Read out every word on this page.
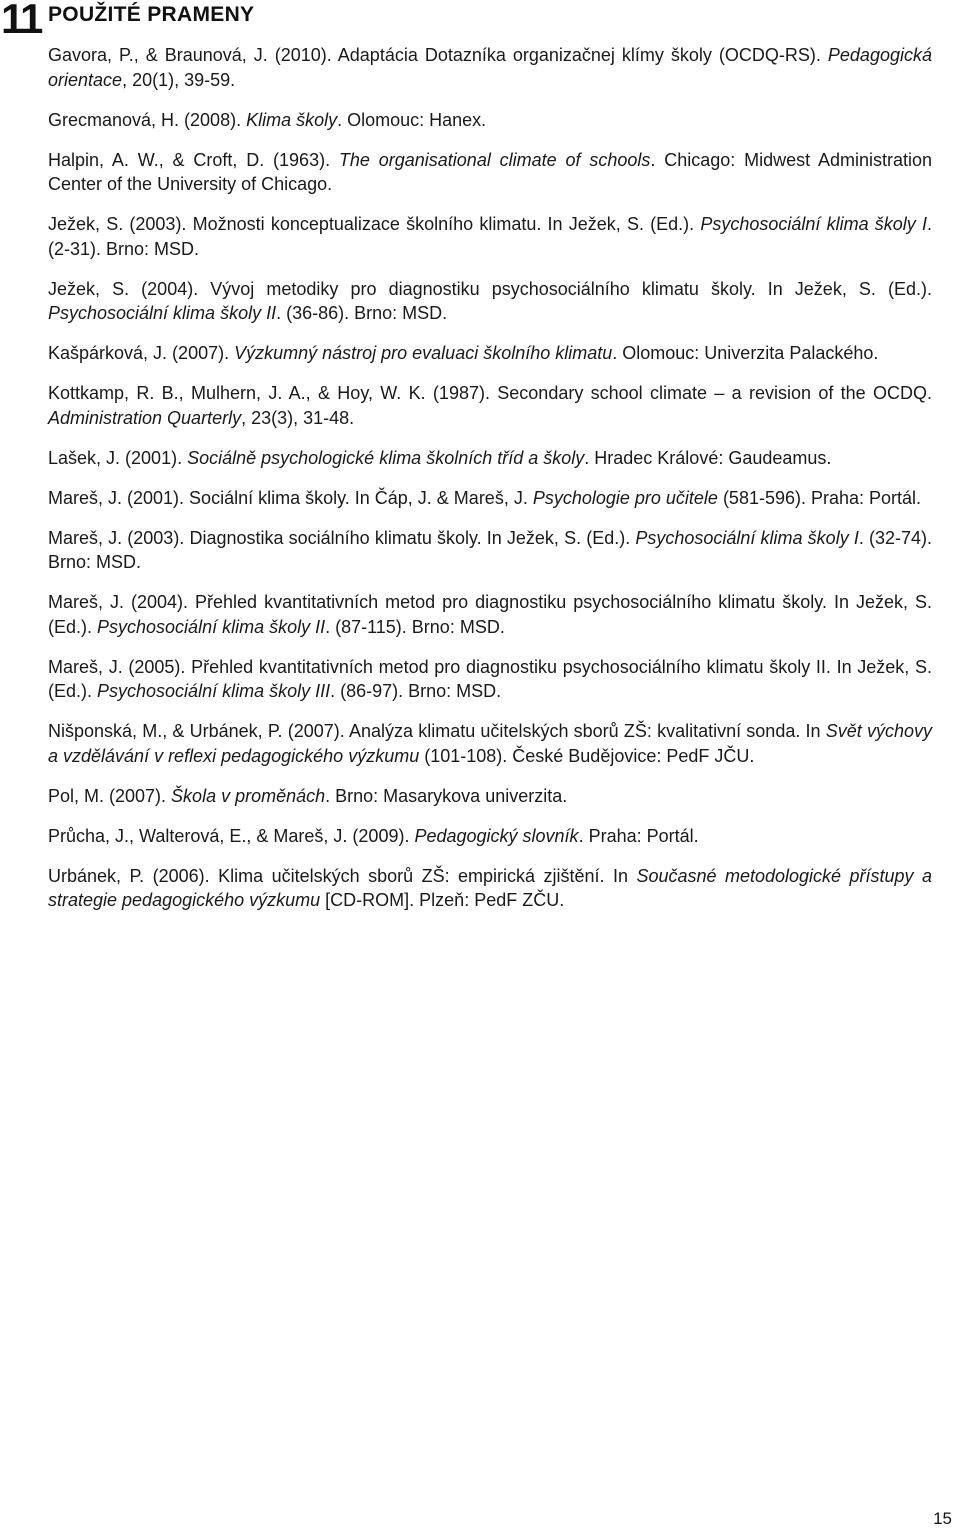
11 POUŽITÉ PRAMENY
Gavora, P., & Braunová, J. (2010). Adaptácia Dotazníka organizačnej klímy školy (OCDQ-RS). Pedagogická orientace, 20(1), 39-59.
Grecmanová, H. (2008). Klima školy. Olomouc: Hanex.
Halpin, A. W., & Croft, D. (1963). The organisational climate of schools. Chicago: Midwest Administration Center of the University of Chicago.
Ježek, S. (2003). Možnosti konceptualizace školního klimatu. In Ježek, S. (Ed.). Psychosociální klima školy I. (2-31). Brno: MSD.
Ježek, S. (2004). Vývoj metodiky pro diagnostiku psychosociálního klimatu školy. In Ježek, S. (Ed.). Psychosociální klima školy II. (36-86). Brno: MSD.
Kašpárková, J. (2007). Výzkumný nástroj pro evaluaci školního klimatu. Olomouc: Univerzita Palackého.
Kottkamp, R. B., Mulhern, J. A., & Hoy, W. K. (1987). Secondary school climate – a revision of the OCDQ. Administration Quarterly, 23(3), 31-48.
Lašek, J. (2001). Sociálně psychologické klima školních tříd a školy. Hradec Králové: Gaudeamus.
Mareš, J. (2001). Sociální klima školy. In Čáp, J. & Mareš, J. Psychologie pro učitele (581-596). Praha: Portál.
Mareš, J. (2003). Diagnostika sociálního klimatu školy. In Ježek, S. (Ed.). Psychosociální klima školy I. (32-74). Brno: MSD.
Mareš, J. (2004). Přehled kvantitativních metod pro diagnostiku psychosociálního klimatu školy. In Ježek, S. (Ed.). Psychosociální klima školy II. (87-115). Brno: MSD.
Mareš, J. (2005). Přehled kvantitativních metod pro diagnostiku psychosociálního klimatu školy II. In Ježek, S. (Ed.). Psychosociální klima školy III. (86-97). Brno: MSD.
Nišponská, M., & Urbánek, P. (2007). Analýza klimatu učitelských sborů ZŠ: kvalitativní sonda. In Svět výchovy a vzdělávání v reflexi pedagogického výzkumu (101-108). České Budějovice: PedF JČU.
Pol, M. (2007). Škola v proměnách. Brno: Masarykova univerzita.
Průcha, J., Walterová, E., & Mareš, J. (2009). Pedagogický slovník. Praha: Portál.
Urbánek, P. (2006). Klima učitelských sborů ZŠ: empirická zjištění. In Současné metodologické přístupy a strategie pedagogického výzkumu [CD-ROM]. Plzeň: PedF ZČU.
15
